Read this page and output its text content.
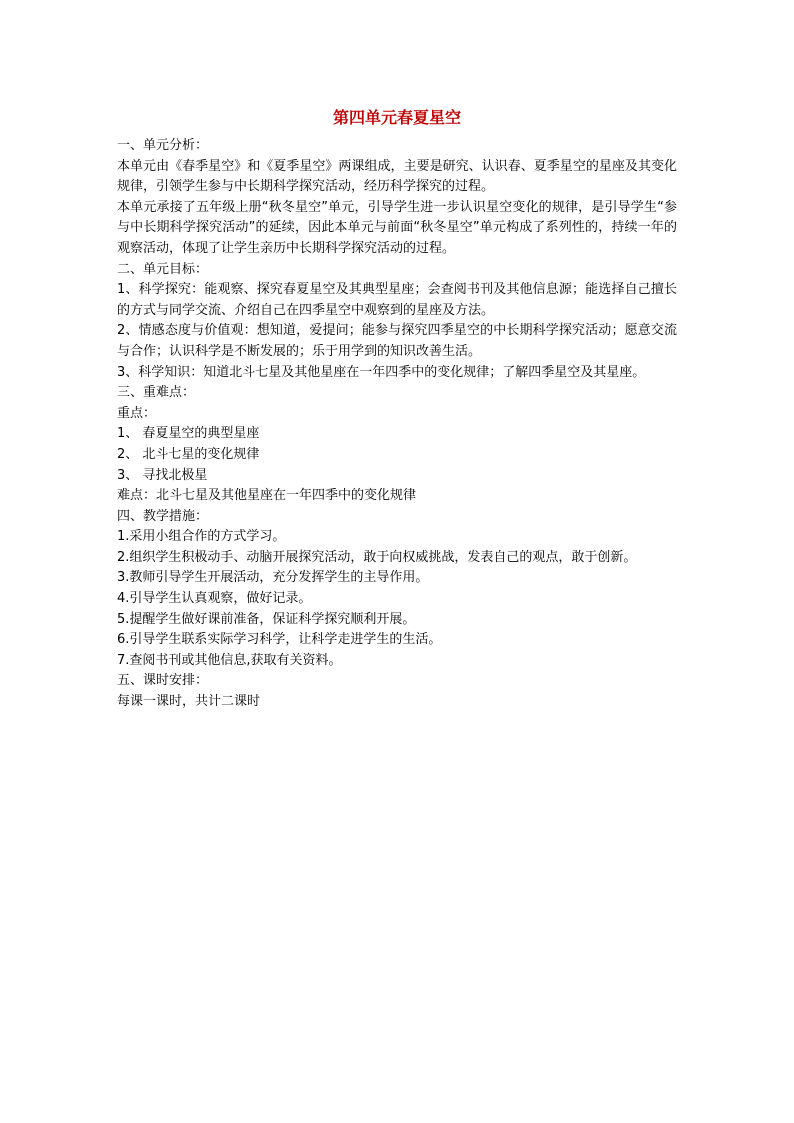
第四单元春夏星空

一、单元分析：

本单元由《春季星空》和《夏季星空》两课组成，主要是研究、认识春、夏季星空的星座及其变化规律，引领学生参与中长期科学探究活动，经历科学探究的过程。

本单元承接了五年级上册“秋冬星空”单元，引导学生进一步认识星空变化的规律，是引导学生“参与中长期科学探究活动”的延续，因此本单元与前面“秋冬星空”单元构成了系列性的，持续一年的观察活动，体现了让学生亲历中长期科学探究活动的过程。

二、单元目标：

1、科学探究：能观察、探究春夏星空及其典型星座；会查阅书刊及其他信息源；能选择自己擅长的方式与同学交流、介绍自己在四季星空中观察到的星座及方法。

2、情感态度与价值观：想知道，爱提问；能参与探究四季星空的中长期科学探究活动；愿意交流与合作；认识科学是不断发展的；乐于用学到的知识改善生活。

3、科学知识：知道北斗七星及其他星座在一年四季中的变化规律；了解四季星空及其星座。

三、重难点：

重点：

1、 春夏星空的典型星座

2、 北斗七星的变化规律

3、 寻找北极星

难点：北斗七星及其他星座在一年四季中的变化规律

四、教学措施：

1.采用小组合作的方式学习。

2.组织学生积极动手、动脑开展探究活动，敢于向权威挑战，发表自己的观点，敢于创新。

3.教师引导学生开展活动，充分发挥学生的主导作用。

4.引导学生认真观察，做好记录。

5.提醒学生做好课前准备，保证科学探究顺利开展。

6.引导学生联系实际学习科学，让科学走进学生的生活。

7.查阅书刊或其他信息,获取有关资料。

五、课时安排：

每课一课时，共计二课时
